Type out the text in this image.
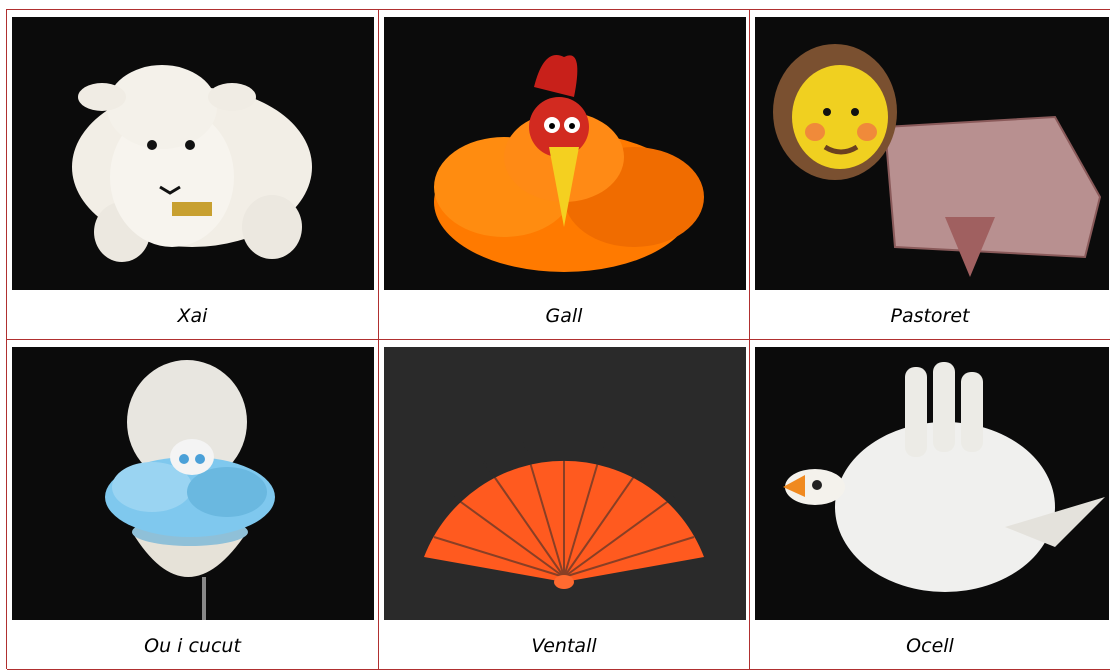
Xai	Gall	Pastoret
Ou i cucut	Ventall	Ocell
